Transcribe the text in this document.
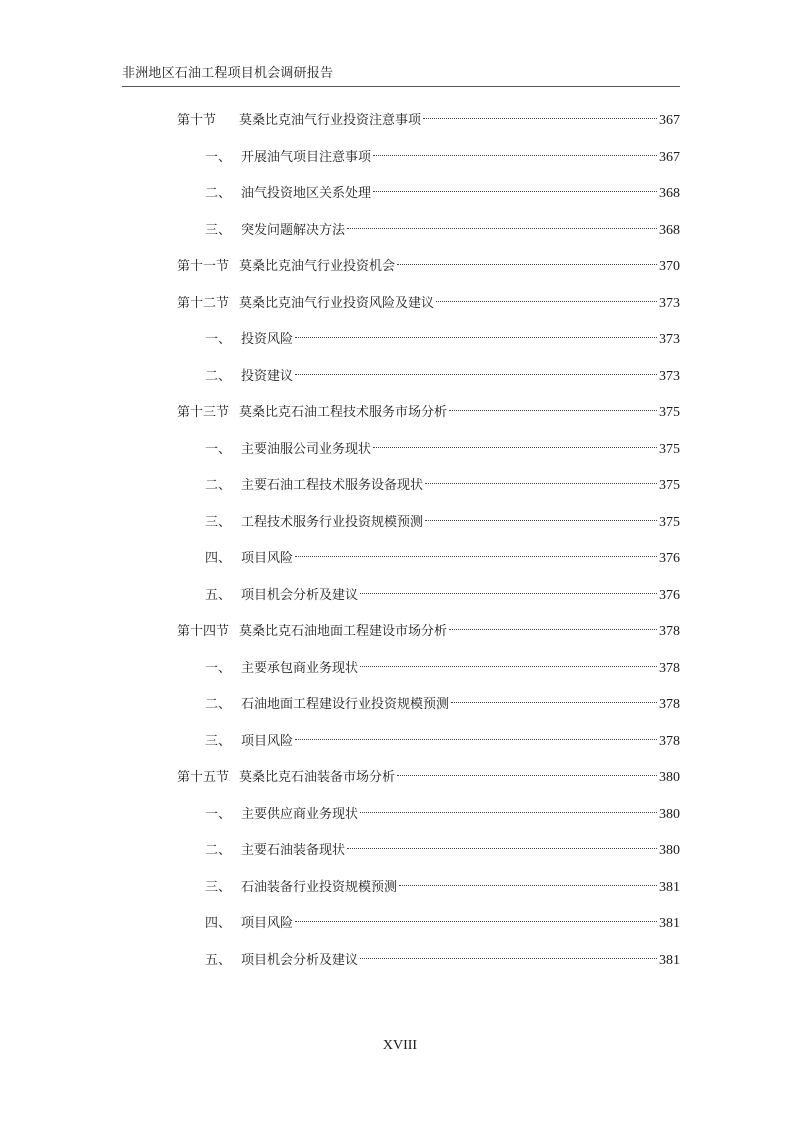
非洲地区石油工程项目机会调研报告
第十节	莫桑比克油气行业投资注意事项	367
一、 开展油气项目注意事项	367
二、 油气投资地区关系处理	368
三、 突发问题解决方法	368
第十一节 莫桑比克油气行业投资机会	370
第十二节 莫桑比克油气行业投资风险及建议	373
一、 投资风险	373
二、 投资建议	373
第十三节 莫桑比克石油工程技术服务市场分析	375
一、 主要油服公司业务现状	375
二、 主要石油工程技术服务设备现状	375
三、 工程技术服务行业投资规模预测	375
四、 项目风险	376
五、 项目机会分析及建议	376
第十四节 莫桑比克石油地面工程建设市场分析	378
一、 主要承包商业务现状	378
二、 石油地面工程建设行业投资规模预测	378
三、 项目风险	378
第十五节 莫桑比克石油装备市场分析	380
一、 主要供应商业务现状	380
二、 主要石油装备现状	380
三、 石油装备行业投资规模预测	381
四、 项目风险	381
五、 项目机会分析及建议	381
XVIII
